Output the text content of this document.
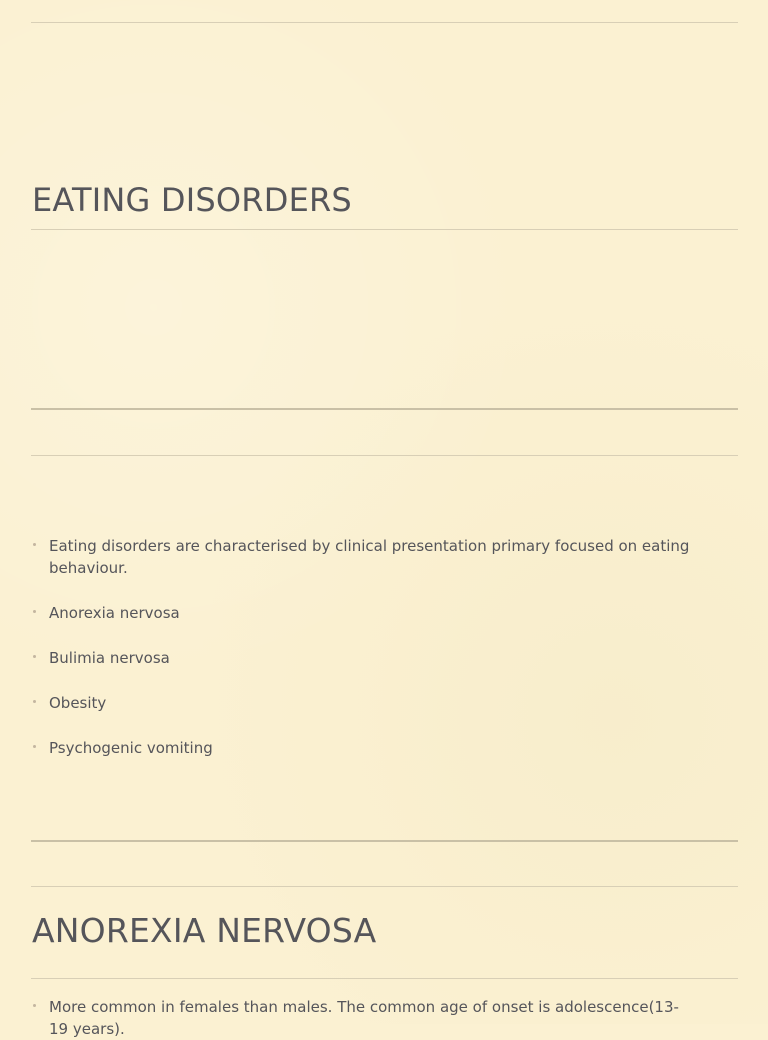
EATING DISORDERS
Eating disorders are characterised by clinical presentation primary focused on eating behaviour.
Anorexia nervosa
Bulimia nervosa
Obesity
Psychogenic vomiting
ANOREXIA NERVOSA
More common in females than males. The common age of onset is adolescence(13-19 years).
